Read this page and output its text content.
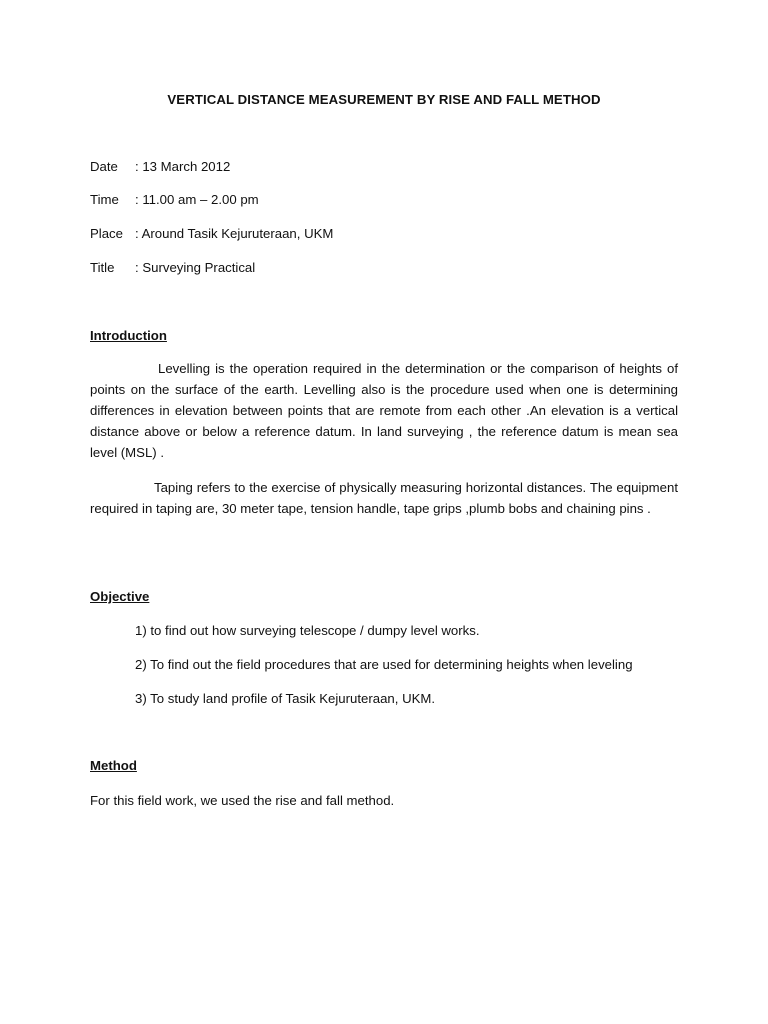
VERTICAL DISTANCE MEASUREMENT BY RISE AND FALL METHOD
Date : 13 March 2012
Time : 11.00 am – 2.00 pm
Place : Around Tasik Kejuruteraan, UKM
Title : Surveying Practical
Introduction

Levelling is the operation required in the determination or the comparison of heights of points on the surface of the earth. Levelling also is the procedure used when one is determining differences in elevation between points that are remote from each other .An elevation is a vertical distance above or below a reference datum. In land surveying , the reference datum is mean sea level (MSL) .

Taping refers to the exercise of physically measuring horizontal distances. The equipment required in taping are, 30 meter tape, tension handle, tape grips ,plumb bobs and chaining pins .

Objective
1) to find out how surveying telescope / dumpy level works.
2) To find out the field procedures that are used for determining heights when leveling
3) To study land profile of Tasik Kejuruteraan, UKM.
Method
For this field work, we used the rise and fall method.
